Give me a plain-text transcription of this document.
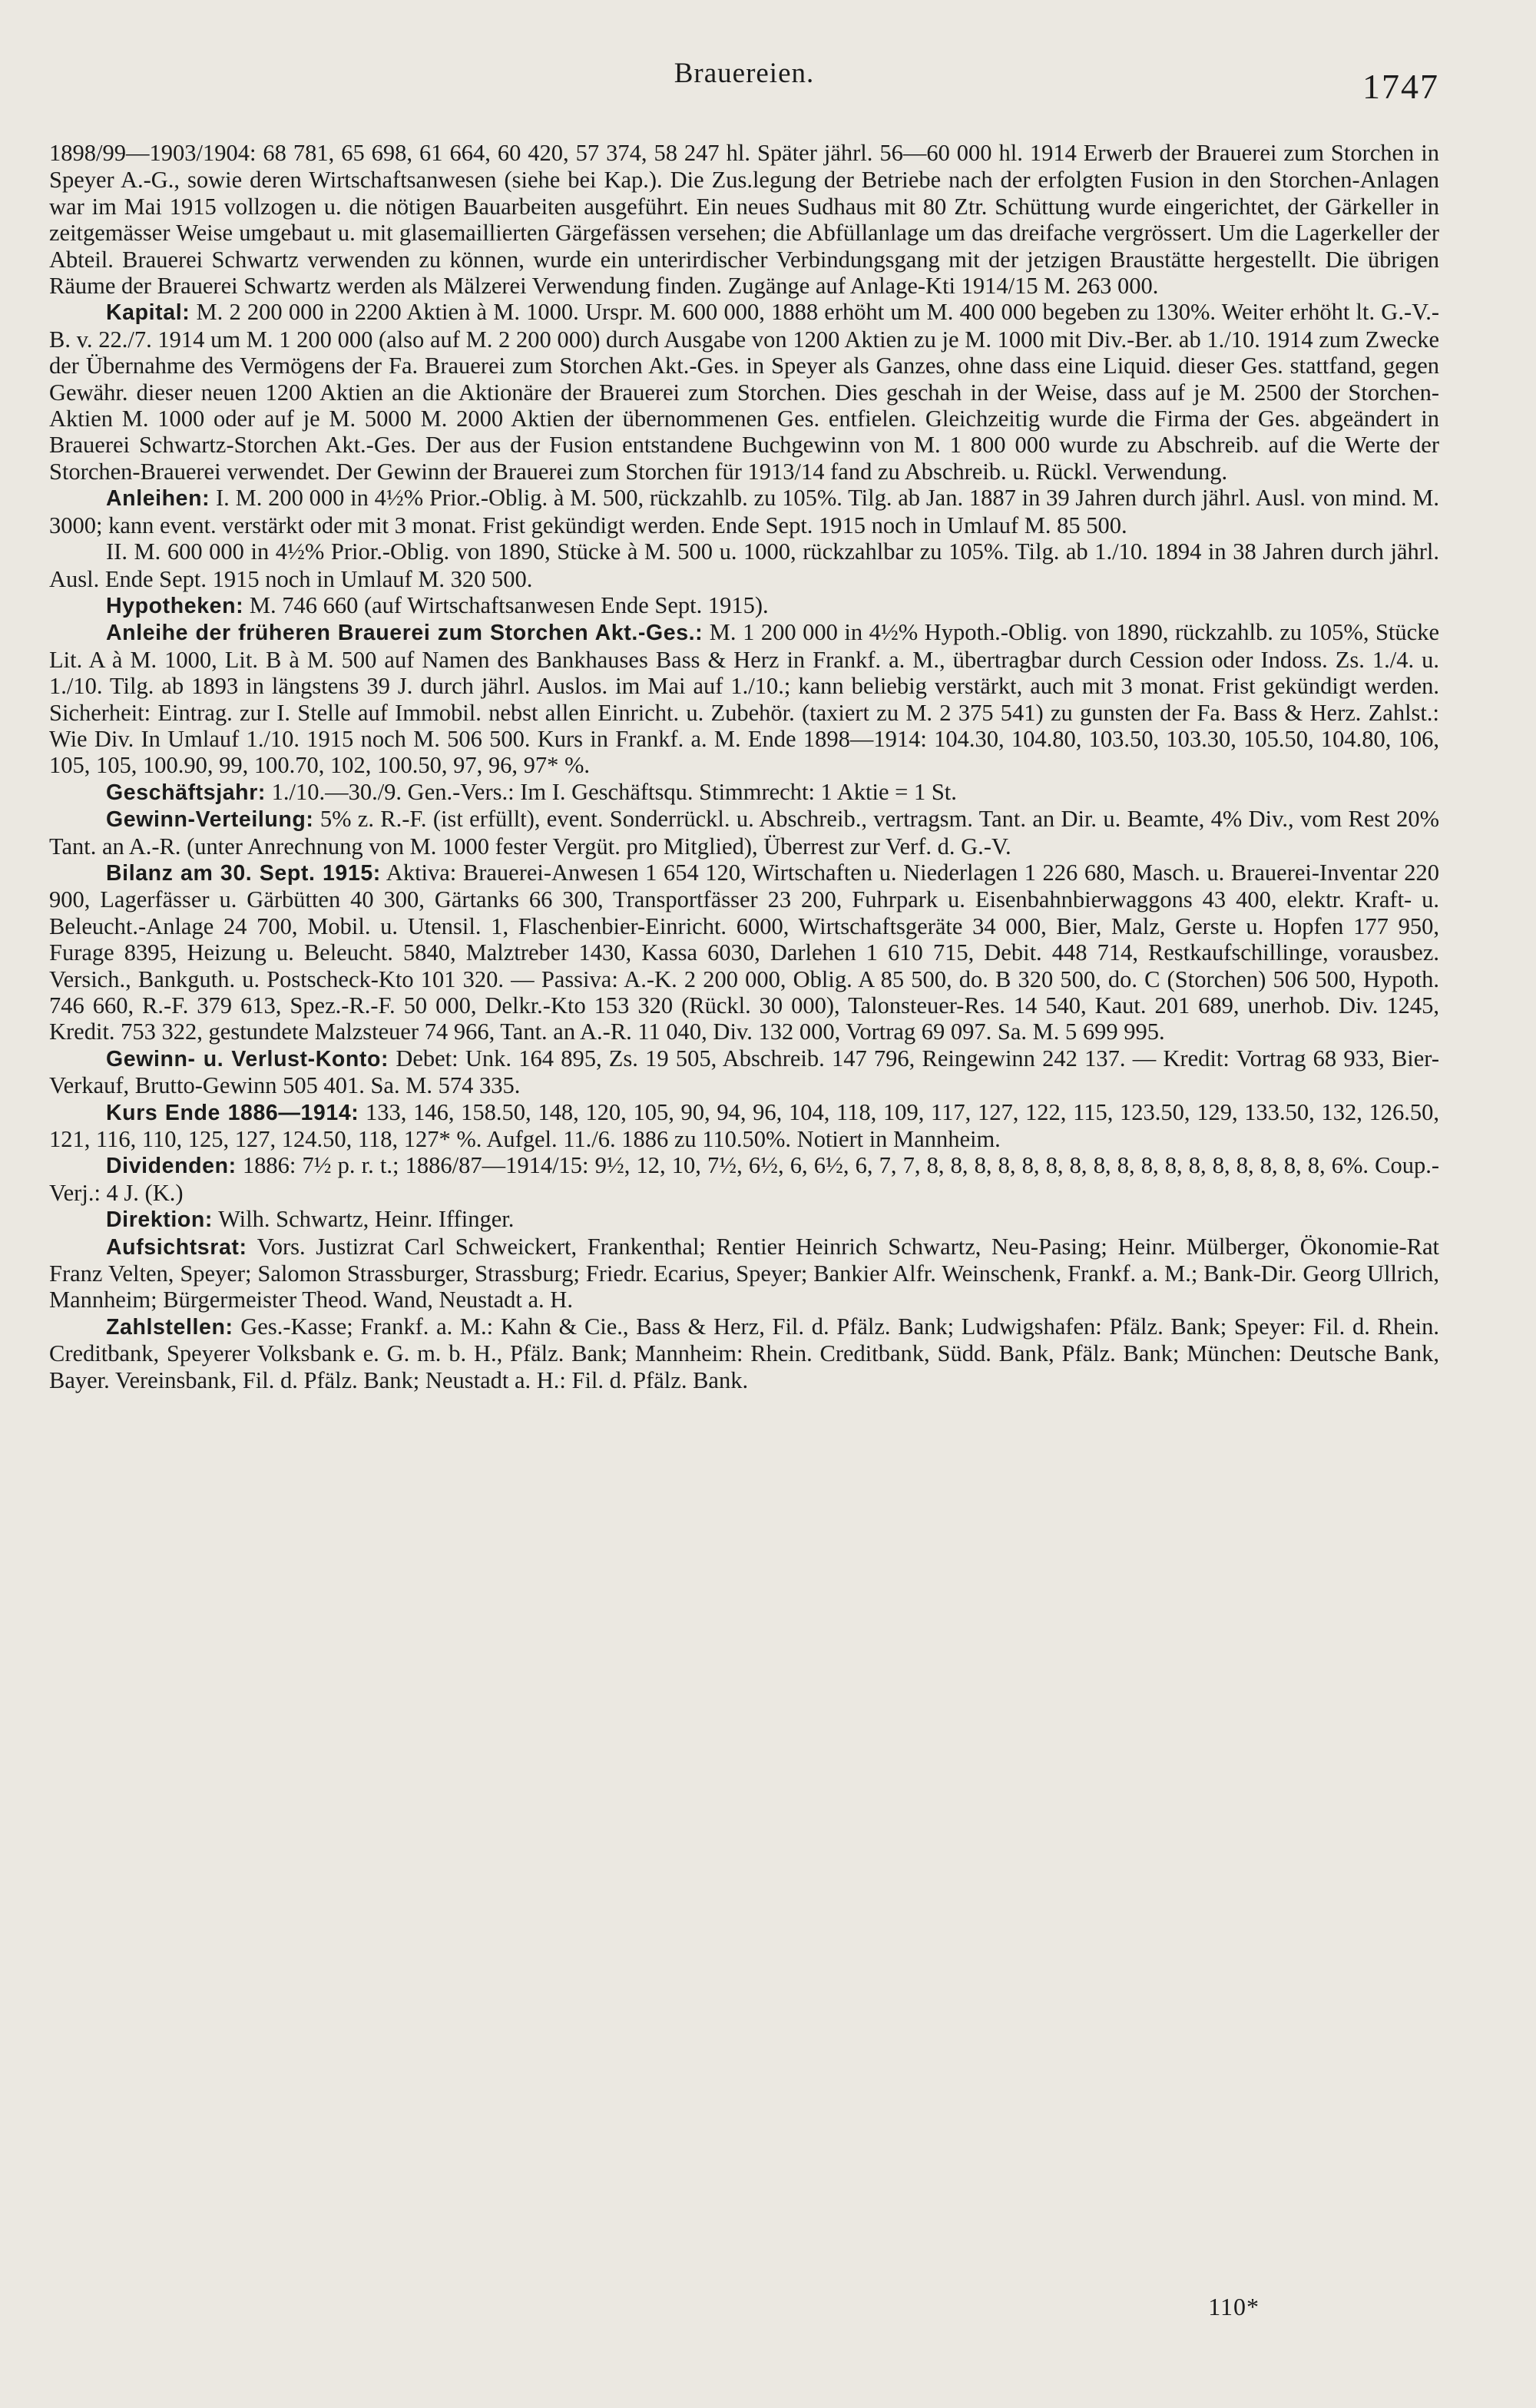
Brauereien.	1747

1898/99—1903/1904: 68 781, 65 698, 61 664, 60 420, 57 374, 58 247 hl. Später jährl. 56—60 000 hl. 1914 Erwerb der Brauerei zum Storchen in Speyer A.-G., sowie deren Wirtschaftsanwesen (siehe bei Kap.). Die Zus.legung der Betriebe nach der erfolgten Fusion in den Storchen-Anlagen war im Mai 1915 vollzogen u. die nötigen Bauarbeiten ausgeführt. Ein neues Sudhaus mit 80 Ztr. Schüttung wurde eingerichtet, der Gärkeller in zeitgemässer Weise umgebaut u. mit glasemaillierten Gärgefässen versehen; die Abfüllanlage um das dreifache vergrössert. Um die Lagerkeller der Abteil. Brauerei Schwartz verwenden zu können, wurde ein unterirdischer Verbindungsgang mit der jetzigen Braustätte hergestellt. Die übrigen Räume der Brauerei Schwartz werden als Mälzerei Verwendung finden. Zugänge auf Anlage-Kti 1914/15 M. 263 000.

Kapital: M. 2 200 000 in 2200 Aktien à M. 1000. Urspr. M. 600 000, 1888 erhöht um M. 400 000 begeben zu 130%. Weiter erhöht lt. G.-V.-B. v. 22./7. 1914 um M. 1 200 000 (also auf M. 2 200 000) durch Ausgabe von 1200 Aktien zu je M. 1000 mit Div.-Ber. ab 1./10. 1914 zum Zwecke der Übernahme des Vermögens der Fa. Brauerei zum Storchen Akt.-Ges. in Speyer als Ganzes, ohne dass eine Liquid. dieser Ges. stattfand, gegen Gewähr. dieser neuen 1200 Aktien an die Aktionäre der Brauerei zum Storchen. Dies geschah in der Weise, dass auf je M. 2500 der Storchen-Aktien M. 1000 oder auf je M. 5000 M. 2000 Aktien der übernommenen Ges. entfielen. Gleichzeitig wurde die Firma der Ges. abgeändert in Brauerei Schwartz-Storchen Akt.-Ges. Der aus der Fusion entstandene Buchgewinn von M. 1 800 000 wurde zu Abschreib. auf die Werte der Storchen-Brauerei verwendet. Der Gewinn der Brauerei zum Storchen für 1913/14 fand zu Abschreib. u. Rückl. Verwendung.

Anleihen: I. M. 200 000 in 4½% Prior.-Oblig. à M. 500, rückzahlb. zu 105%. Tilg. ab Jan. 1887 in 39 Jahren durch jährl. Ausl. von mind. M. 3000; kann event. verstärkt oder mit 3 monat. Frist gekündigt werden. Ende Sept. 1915 noch in Umlauf M. 85 500.

II. M. 600 000 in 4½% Prior.-Oblig. von 1890, Stücke à M. 500 u. 1000, rückzahlbar zu 105%. Tilg. ab 1./10. 1894 in 38 Jahren durch jährl. Ausl. Ende Sept. 1915 noch in Umlauf M. 320 500.

Hypotheken: M. 746 660 (auf Wirtschaftsanwesen Ende Sept. 1915).

Anleihe der früheren Brauerei zum Storchen Akt.-Ges.: M. 1 200 000 in 4½% Hypoth.-Oblig. von 1890, rückzahlb. zu 105%, Stücke Lit. A à M. 1000, Lit. B à M. 500 auf Namen des Bankhauses Bass & Herz in Frankf. a. M., übertragbar durch Cession oder Indoss. Zs. 1./4. u. 1./10. Tilg. ab 1893 in längstens 39 J. durch jährl. Auslos. im Mai auf 1./10.; kann beliebig verstärkt, auch mit 3 monat. Frist gekündigt werden. Sicherheit: Eintrag. zur I. Stelle auf Immobil. nebst allen Einricht. u. Zubehör. (taxiert zu M. 2 375 541) zu gunsten der Fa. Bass & Herz. Zahlst.: Wie Div. In Umlauf 1./10. 1915 noch M. 506 500. Kurs in Frankf. a. M. Ende 1898—1914: 104.30, 104.80, 103.50, 103.30, 105.50, 104.80, 106, 105, 105, 100.90, 99, 100.70, 102, 100.50, 97, 96, 97* %.

Geschäftsjahr: 1./10.—30./9. Gen.-Vers.: Im I. Geschäftsqu. Stimmrecht: 1 Aktie = 1 St.

Gewinn-Verteilung: 5% z. R.-F. (ist erfüllt), event. Sonderrückl. u. Abschreib., vertragsm. Tant. an Dir. u. Beamte, 4% Div., vom Rest 20% Tant. an A.-R. (unter Anrechnung von M. 1000 fester Vergüt. pro Mitglied), Überrest zur Verf. d. G.-V.

Bilanz am 30. Sept. 1915: Aktiva: Brauerei-Anwesen 1 654 120, Wirtschaften u. Niederlagen 1 226 680, Masch. u. Brauerei-Inventar 220 900, Lagerfässer u. Gärbütten 40 300, Gärtanks 66 300, Transportfässer 23 200, Fuhrpark u. Eisenbahnbierwaggons 43 400, elektr. Kraft- u. Beleucht.-Anlage 24 700, Mobil. u. Utensil. 1, Flaschenbier-Einricht. 6000, Wirtschaftsgeräte 34 000, Bier, Malz, Gerste u. Hopfen 177 950, Furage 8395, Heizung u. Beleucht. 5840, Malztreber 1430, Kassa 6030, Darlehen 1 610 715, Debit. 448 714, Restkaufschillinge, vorausbez. Versich., Bankguth. u. Postscheck-Kto 101 320. — Passiva: A.-K. 2 200 000, Oblig. A 85 500, do. B 320 500, do. C (Storchen) 506 500, Hypoth. 746 660, R.-F. 379 613, Spez.-R.-F. 50 000, Delkr.-Kto 153 320 (Rückl. 30 000), Talonsteuer-Res. 14 540, Kaut. 201 689, unerhob. Div. 1245, Kredit. 753 322, gestundete Malzsteuer 74 966, Tant. an A.-R. 11 040, Div. 132 000, Vortrag 69 097. Sa. M. 5 699 995.

Gewinn- u. Verlust-Konto: Debet: Unk. 164 895, Zs. 19 505, Abschreib. 147 796, Reingewinn 242 137. — Kredit: Vortrag 68 933, Bier-Verkauf, Brutto-Gewinn 505 401. Sa. M. 574 335.

Kurs Ende 1886—1914: 133, 146, 158.50, 148, 120, 105, 90, 94, 96, 104, 118, 109, 117, 127, 122, 115, 123.50, 129, 133.50, 132, 126.50, 121, 116, 110, 125, 127, 124.50, 118, 127* %. Aufgel. 11./6. 1886 zu 110.50%. Notiert in Mannheim.

Dividenden: 1886: 7½ p. r. t.; 1886/87—1914/15: 9½, 12, 10, 7½, 6½, 6, 6½, 6, 7, 7, 8, 8, 8, 8, 8, 8, 8, 8, 8, 8, 8, 8, 8, 8, 8, 8, 8, 6%. Coup.-Verj.: 4 J. (K.)

Direktion: Wilh. Schwartz, Heinr. Iffinger.

Aufsichtsrat: Vors. Justizrat Carl Schweickert, Frankenthal; Rentier Heinrich Schwartz, Neu-Pasing; Heinr. Mülberger, Ökonomie-Rat Franz Velten, Speyer; Salomon Strassburger, Strassburg; Friedr. Ecarius, Speyer; Bankier Alfr. Weinschenk, Frankf. a. M.; Bank-Dir. Georg Ullrich, Mannheim; Bürgermeister Theod. Wand, Neustadt a. H.

Zahlstellen: Ges.-Kasse; Frankf. a. M.: Kahn & Cie., Bass & Herz, Fil. d. Pfälz. Bank; Ludwigshafen: Pfälz. Bank; Speyer: Fil. d. Rhein. Creditbank, Speyerer Volksbank e. G. m. b. H., Pfälz. Bank; Mannheim: Rhein. Creditbank, Südd. Bank, Pfälz. Bank; München: Deutsche Bank, Bayer. Vereinsbank, Fil. d. Pfälz. Bank; Neustadt a. H.: Fil. d. Pfälz. Bank.

110*
